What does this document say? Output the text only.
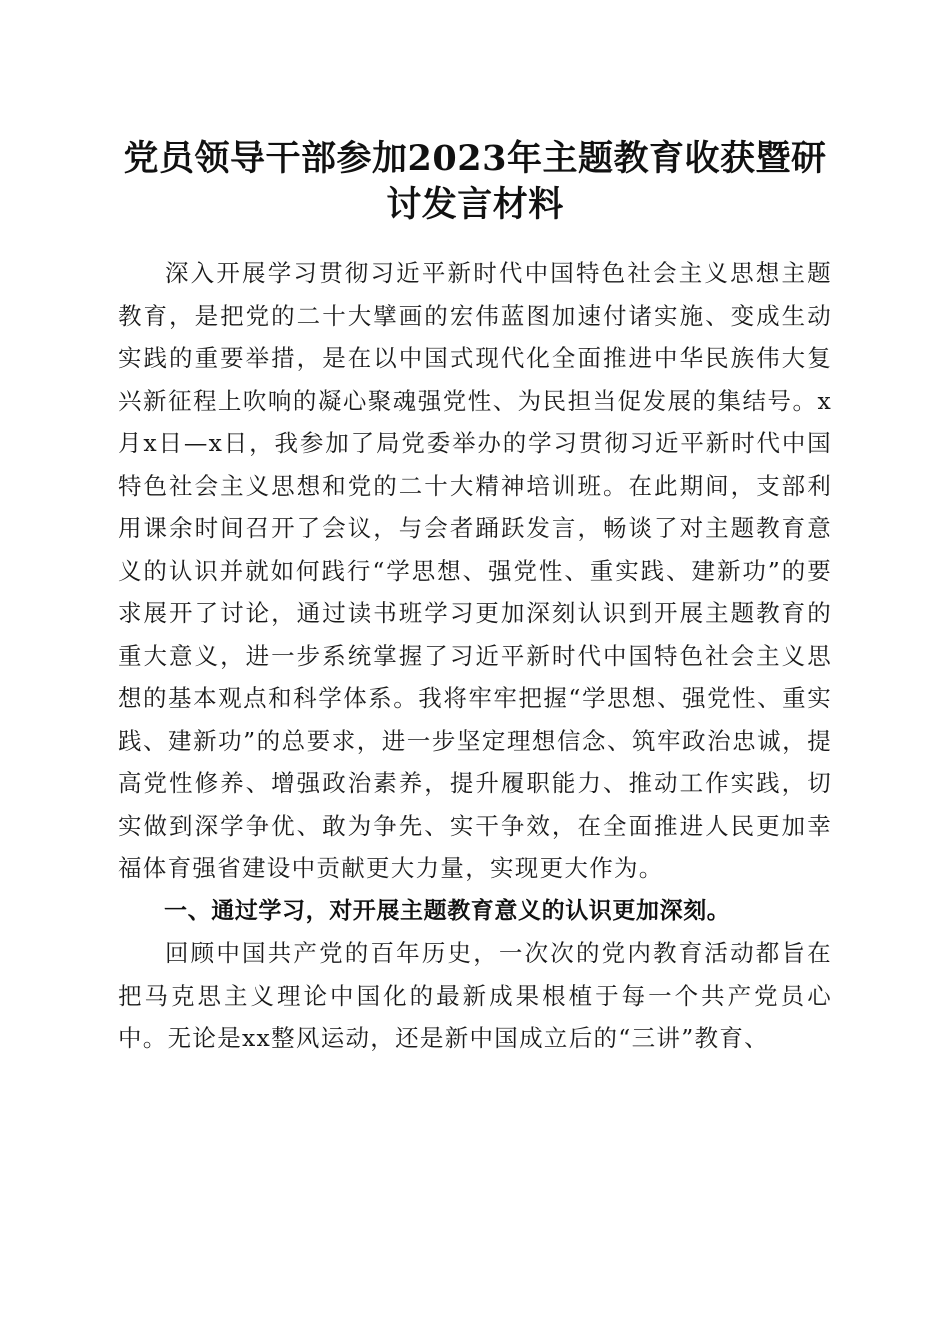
党员领导干部参加2023年主题教育收获暨研讨发言材料

深入开展学习贯彻习近平新时代中国特色社会主义思想主题教育，是把党的二十大擘画的宏伟蓝图加速付诸实施、变成生动实践的重要举措，是在以中国式现代化全面推进中华民族伟大复兴新征程上吹响的凝心聚魂强党性、为民担当促发展的集结号。x月x日—x日，我参加了局党委举办的学习贯彻习近平新时代中国特色社会主义思想和党的二十大精神培训班。在此期间，支部利用课余时间召开了会议，与会者踊跃发言，畅谈了对主题教育意义的认识并就如何践行“学思想、强党性、重实践、建新功”的要求展开了讨论，通过读书班学习更加深刻认识到开展主题教育的重大意义，进一步系统掌握了习近平新时代中国特色社会主义思想的基本观点和科学体系。我将牢牢把握“学思想、强党性、重实践、建新功”的总要求，进一步坚定理想信念、筑牢政治忠诚，提高党性修养、增强政治素养，提升履职能力、推动工作实践，切实做到深学争优、敢为争先、实干争效，在全面推进人民更加幸福体育强省建设中贡献更大力量，实现更大作为。

一、通过学习，对开展主题教育意义的认识更加深刻。

回顾中国共产党的百年历史，一次次的党内教育活动都旨在把马克思主义理论中国化的最新成果根植于每一个共产党员心中。无论是xx整风运动，还是新中国成立后的“三讲”教育、
